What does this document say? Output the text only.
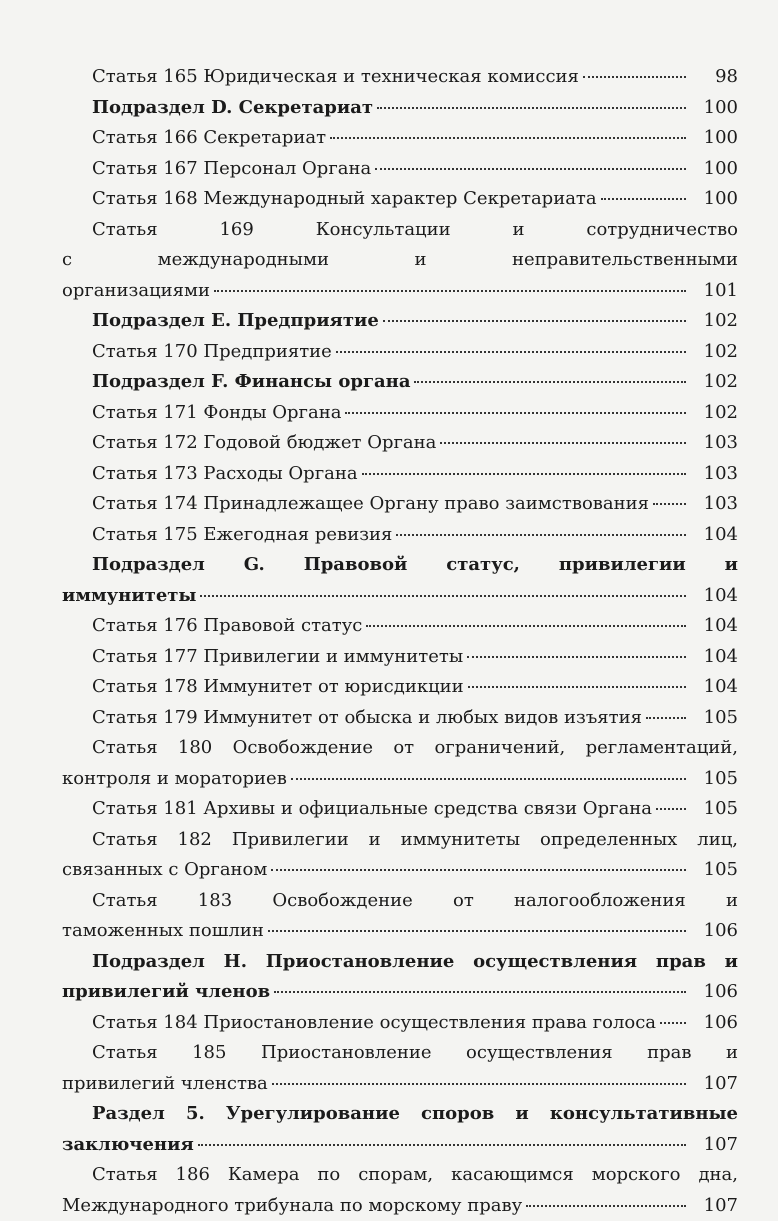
Статья 165 Юридическая и техническая комиссия	98
Подраздел D. Секретариат	100
Статья 166 Секретариат	100
Статья 167 Персонал Органа	100
Статья 168 Международный характер Секретариата	100
Статья 169 Консультации и сотрудничество
с международными и неправительственными
организациями	101
Подраздел E. Предприятие	102
Статья 170 Предприятие	102
Подраздел F. Финансы органа	102
Статья 171 Фонды Органа	102
Статья 172 Годовой бюджет Органа	103
Статья 173 Расходы Органа	103
Статья 174 Принадлежащее Органу право заимствования	103
Статья 175 Ежегодная ревизия	104
Подраздел G. Правовой статус, привилегии и
иммунитеты	104
Статья 176 Правовой статус	104
Статья 177 Привилегии и иммунитеты	104
Статья 178 Иммунитет от юрисдикции	104
Статья 179 Иммунитет от обыска и любых видов изъятия	105
Статья 180 Освобождение от ограничений, регламентаций,
контроля и мораториев	105
Статья 181 Архивы и официальные средства связи Органа	105
Статья 182 Привилегии и иммунитеты определенных лиц,
связанных с Органом	105
Статья 183 Освобождение от налогообложения и
таможенных пошлин	106
Подраздел H. Приостановление осуществления прав и
привилегий членов	106
Статья 184 Приостановление осуществления права голоса	106
Статья 185 Приостановление осуществления прав и
привилегий членства	107
Раздел 5. Урегулирование споров и консультативные
заключения	107
Статья 186 Камера по спорам, касающимся морского дна,
Международного трибунала по морскому праву	107
